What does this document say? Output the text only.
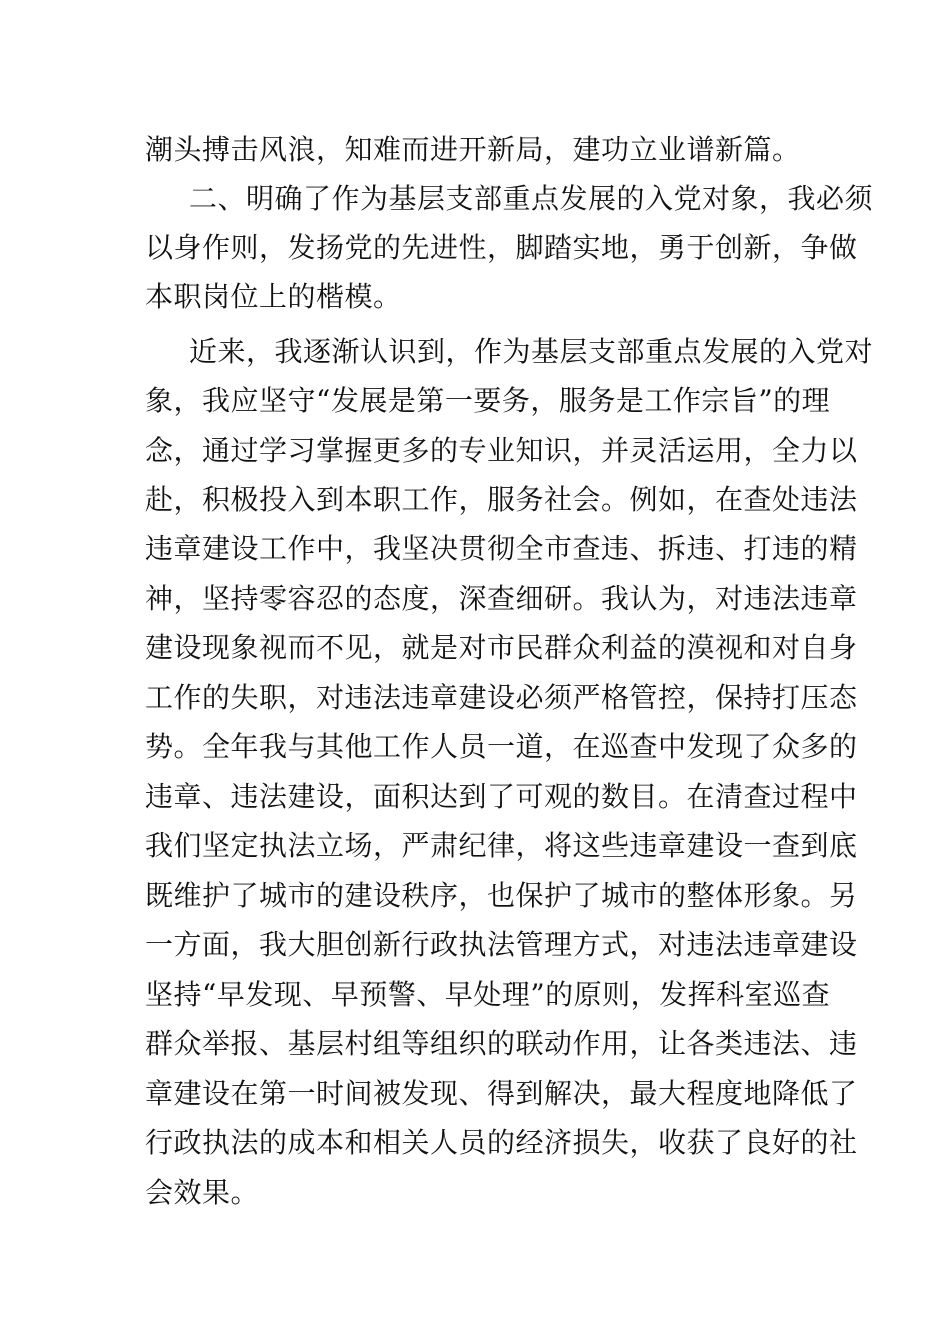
潮头搏击风浪，知难而进开新局，建功立业谱新篇。
二、明确了作为基层支部重点发展的入党对象，我必须
以身作则，发扬党的先进性，脚踏实地，勇于创新，争做
本职岗位上的楷模。
近来，我逐渐认识到，作为基层支部重点发展的入党对
象，我应坚守“发展是第一要务，服务是工作宗旨”的理
念，通过学习掌握更多的专业知识，并灵活运用，全力以
赴，积极投入到本职工作，服务社会。例如，在查处违法
违章建设工作中，我坚决贯彻全市查违、拆违、打违的精
神，坚持零容忍的态度，深查细研。我认为，对违法违章
建设现象视而不见，就是对市民群众利益的漠视和对自身
工作的失职，对违法违章建设必须严格管控，保持打压态
势。全年我与其他工作人员一道，在巡查中发现了众多的
违章、违法建设，面积达到了可观的数目。在清查过程中
我们坚定执法立场，严肃纪律，将这些违章建设一查到底
既维护了城市的建设秩序，也保护了城市的整体形象。另
一方面，我大胆创新行政执法管理方式，对违法违章建设
坚持“早发现、早预警、早处理”的原则，发挥科室巡查
群众举报、基层村组等组织的联动作用，让各类违法、违
章建设在第一时间被发现、得到解决，最大程度地降低了
行政执法的成本和相关人员的经济损失，收获了良好的社
会效果。
